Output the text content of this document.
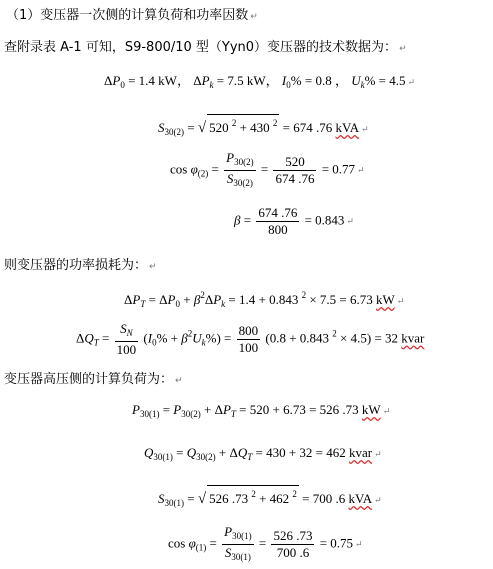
（1）变压器一次侧的计算负荷和功率因数 ↵
查附录表 A-1 可知，S9-800/10 型（Yyn0）变压器的技术数据为： ↵
$\Delta P_0 = 1.4$ kW， $\Delta P_k = 7.5$ kW， $I_0\% = 0.8$ ， $U_k\% = 4.5$ ↵
$S_{30(2)}$ = √ 520 $^2$ + 430 $^2$ = 674 .76 kVA ↵
$\cos \varphi_{(2)} = \frac{P_{30(2)}}{S_{30(2)}} = \frac{520}{674 .76} = 0.77$ ↵
$\beta = \frac{674 .76}{800} = 0.843$ ↵
则变压器的功率损耗为： ↵
$\Delta P_T = \Delta P_0 + \beta^2\Delta P_k = 1.4 + 0.843$ $^2$ × 7.5 = 6.73 kW ↵
$\Delta Q_T = \frac{S_N}{100} (I_0\% + \beta^2U_k\%) = \frac{800}{100} (0.8 + 0.843$ $^2$ × 4.5) = 32 kvar
变压器高压侧的计算负荷为： ↵
$P_{30(1)} = P_{30(2)} + \Delta P_T = 520 + 6.73 = 526$ .73 kW ↵
$Q_{30(1)} = Q_{30(2)} + \Delta Q_T = 430 + 32 = 462$ kvar ↵
$S_{30(1)}$ = √ 526 .73 $^2$ + 462 $^2$ = 700 .6 kVA ↵
$\cos \varphi_{(1)} = \frac{P_{30(1)}}{S_{30(1)}} = \frac{526 .73}{700 .6} = 0.75$ ↵
